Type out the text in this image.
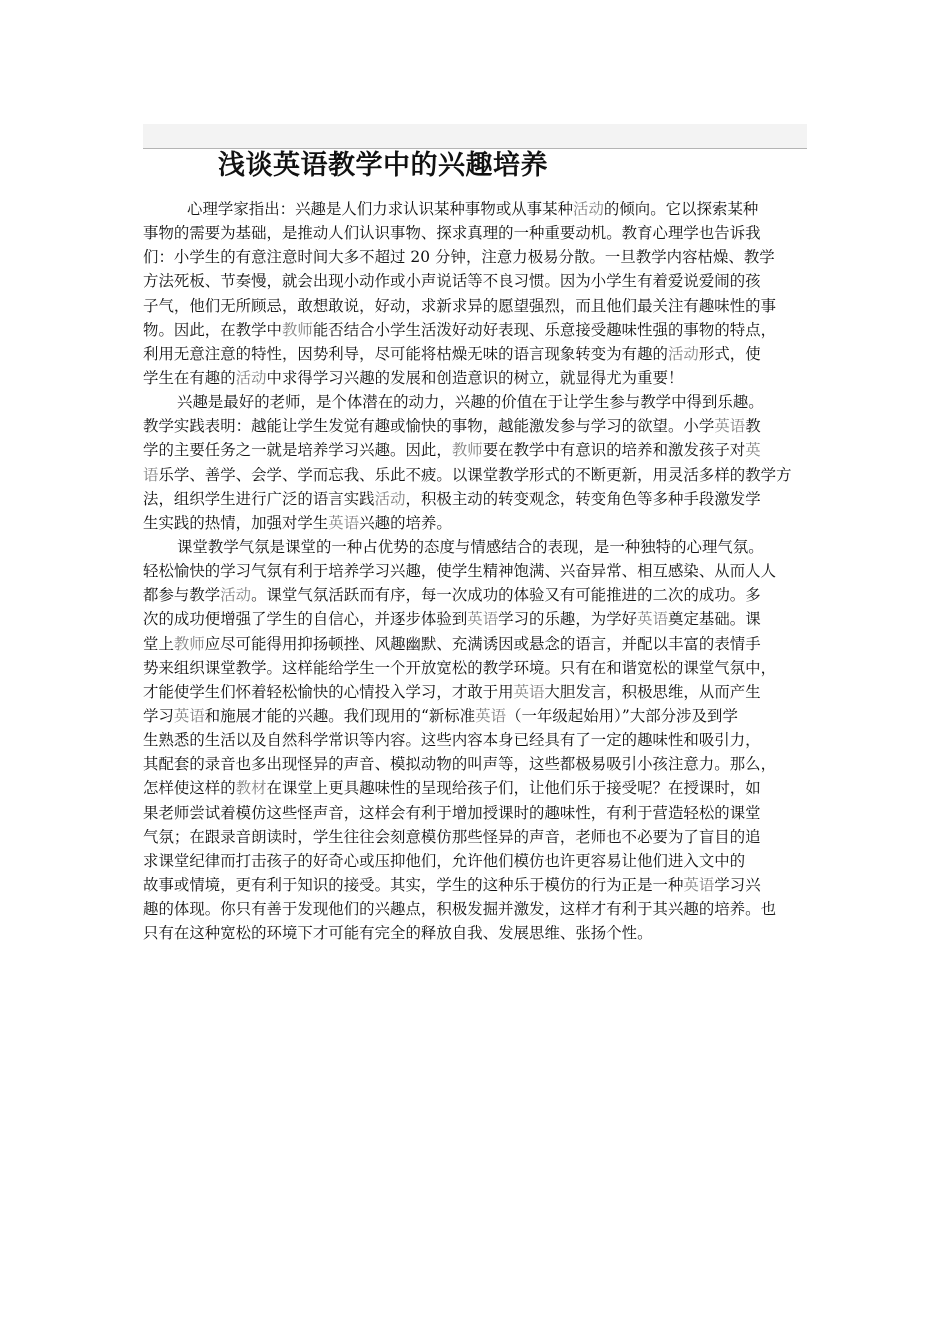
浅谈英语教学中的兴趣培养
心理学家指出：兴趣是人们力求认识某种事物或从事某种活动的倾向。它以探索某种
事物的需要为基础，是推动人们认识事物、探求真理的一种重要动机。教育心理学也告诉我
们：小学生的有意注意时间大多不超过 20 分钟，注意力极易分散。一旦教学内容枯燥、教学
方法死板、节奏慢，就会出现小动作或小声说话等不良习惯。因为小学生有着爱说爱闹的孩
子气，他们无所顾忌，敢想敢说，好动，求新求异的愿望强烈，而且他们最关注有趣味性的事
物。因此，在教学中教师能否结合小学生活泼好动好表现、乐意接受趣味性强的事物的特点，
利用无意注意的特性，因势利导，尽可能将枯燥无味的语言现象转变为有趣的活动形式，使
学生在有趣的活动中求得学习兴趣的发展和创造意识的树立，就显得尤为重要！
兴趣是最好的老师，是个体潜在的动力，兴趣的价值在于让学生参与教学中得到乐趣。
教学实践表明：越能让学生发觉有趣或愉快的事物，越能激发参与学习的欲望。小学英语教
学的主要任务之一就是培养学习兴趣。因此，教师要在教学中有意识的培养和激发孩子对英
语乐学、善学、会学、学而忘我、乐此不疲。以课堂教学形式的不断更新，用灵活多样的教学方
法，组织学生进行广泛的语言实践活动，积极主动的转变观念，转变角色等多种手段激发学
生实践的热情，加强对学生英语兴趣的培养。
课堂教学气氛是课堂的一种占优势的态度与情感结合的表现，是一种独特的心理气氛。
轻松愉快的学习气氛有利于培养学习兴趣，使学生精神饱满、兴奋异常、相互感染、从而人人
都参与教学活动。课堂气氛活跃而有序，每一次成功的体验又有可能推进的二次的成功。多
次的成功便增强了学生的自信心，并逐步体验到英语学习的乐趣，为学好英语奠定基础。课
堂上教师应尽可能得用抑扬顿挫、风趣幽默、充满诱因或悬念的语言，并配以丰富的表情手
势来组织课堂教学。这样能给学生一个开放宽松的教学环境。只有在和谐宽松的课堂气氛中，
才能使学生们怀着轻松愉快的心情投入学习，才敢于用英语大胆发言，积极思维，从而产生
学习英语和施展才能的兴趣。我们现用的“新标准英语（一年级起始用）”大部分涉及到学
生熟悉的生活以及自然科学常识等内容。这些内容本身已经具有了一定的趣味性和吸引力，
其配套的录音也多出现怪异的声音、模拟动物的叫声等，这些都极易吸引小孩注意力。那么，
怎样使这样的教材在课堂上更具趣味性的呈现给孩子们，让他们乐于接受呢？在授课时，如
果老师尝试着模仿这些怪声音，这样会有利于增加授课时的趣味性，有利于营造轻松的课堂
气氛；在跟录音朗读时，学生往往会刻意模仿那些怪异的声音，老师也不必要为了盲目的追
求课堂纪律而打击孩子的好奇心或压抑他们，允许他们模仿也许更容易让他们进入文中的
故事或情境，更有利于知识的接受。其实，学生的这种乐于模仿的行为正是一种英语学习兴
趣的体现。你只有善于发现他们的兴趣点，积极发掘并激发，这样才有利于其兴趣的培养。也
只有在这种宽松的环境下才可能有完全的释放自我、发展思维、张扬个性。
